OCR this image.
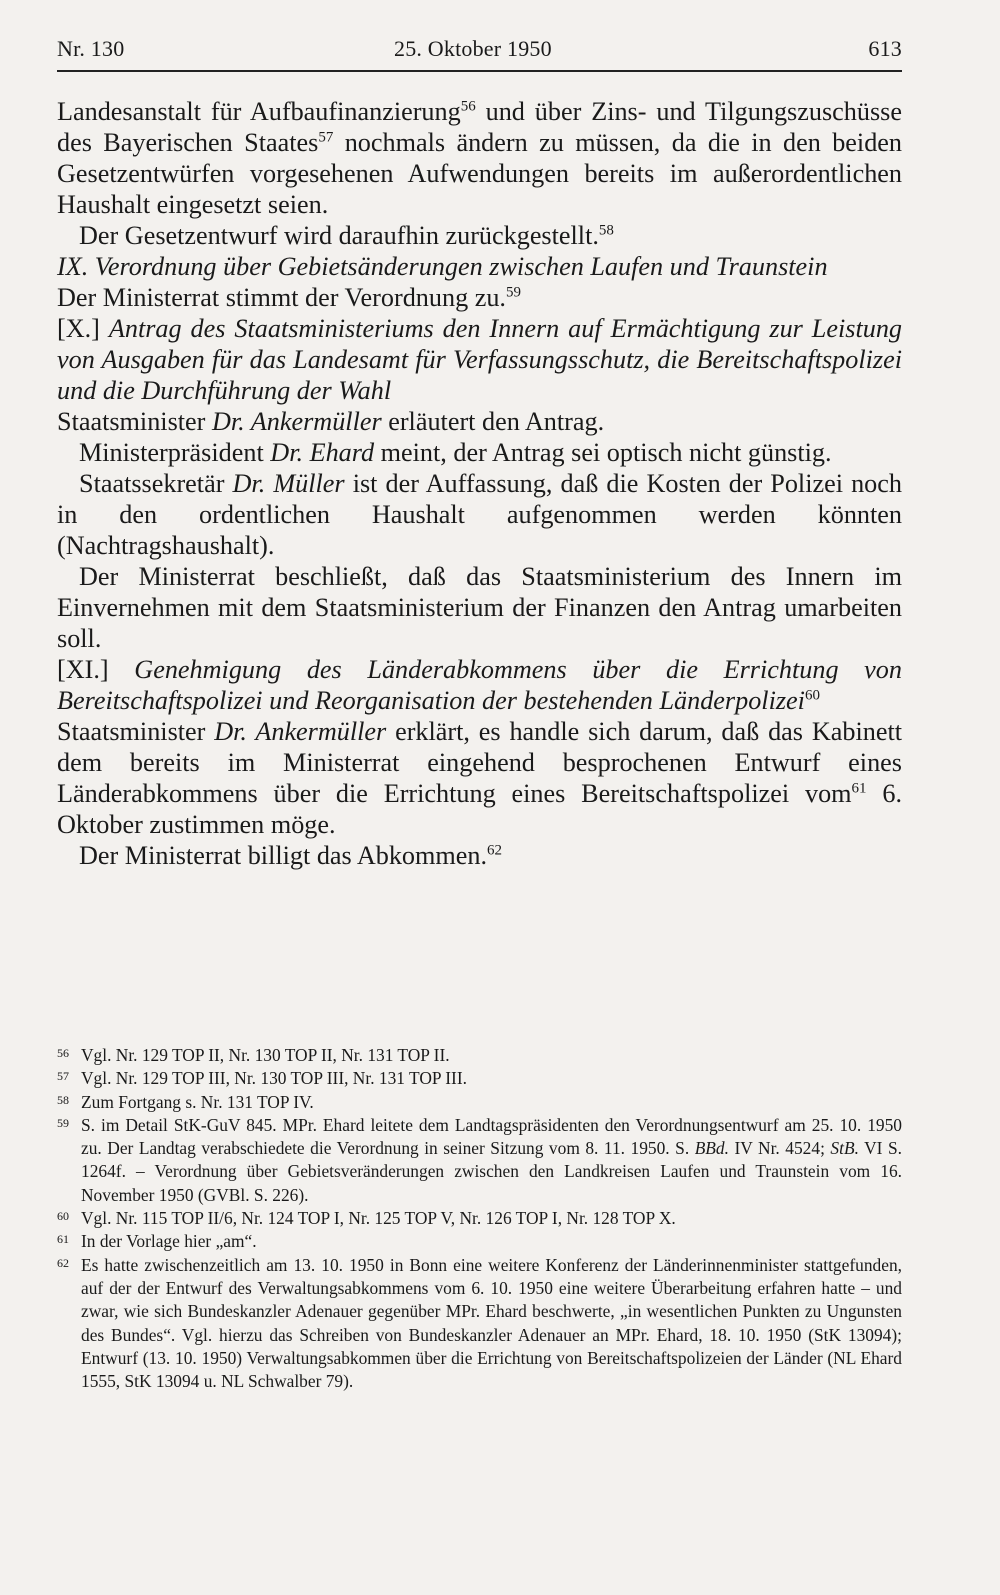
Nr. 130	25. Oktober 1950	613

Landesanstalt für Aufbaufinanzierung$^{56}$ und über Zins- und Tilgungszuschüsse des Bayerischen Staates$^{57}$ nochmals ändern zu müssen, da die in den beiden Gesetzentwürfen vorgesehenen Aufwendungen bereits im außerordentlichen Haushalt eingesetzt seien.

Der Gesetzentwurf wird daraufhin zurückgestellt.$^{58}$

IX. Verordnung über Gebietsänderungen zwischen Laufen und Traunstein

Der Ministerrat stimmt der Verordnung zu.$^{59}$

[X.] Antrag des Staatsministeriums den Innern auf Ermächtigung zur Leistung von Ausgaben für das Landesamt für Verfassungsschutz, die Bereitschaftspolizei und die Durchführung der Wahl

Staatsminister Dr. Ankermüller erläutert den Antrag.

Ministerpräsident Dr. Ehard meint, der Antrag sei optisch nicht günstig.

Staatssekretär Dr. Müller ist der Auffassung, daß die Kosten der Polizei noch in den ordentlichen Haushalt aufgenommen werden könnten (Nachtragshaushalt).

Der Ministerrat beschließt, daß das Staatsministerium des Innern im Einvernehmen mit dem Staatsministerium der Finanzen den Antrag umarbeiten soll.

[XI.] Genehmigung des Länderabkommens über die Errichtung von Bereitschaftspolizei und Reorganisation der bestehenden Länderpolizei$^{60}$

Staatsminister Dr. Ankermüller erklärt, es handle sich darum, daß das Kabinett dem bereits im Ministerrat eingehend besprochenen Entwurf eines Länderabkommens über die Errichtung eines Bereitschaftspolizei vom$^{61}$ 6. Oktober zustimmen möge.

Der Ministerrat billigt das Abkommen.$^{62}$

56 Vgl. Nr. 129 TOP II, Nr. 130 TOP II, Nr. 131 TOP II.
57 Vgl. Nr. 129 TOP III, Nr. 130 TOP III, Nr. 131 TOP III.
58 Zum Fortgang s. Nr. 131 TOP IV.
59 S. im Detail StK-GuV 845. MPr. Ehard leitete dem Landtagspräsidenten den Verordnungsentwurf am 25. 10. 1950 zu. Der Landtag verabschiedete die Verordnung in seiner Sitzung vom 8. 11. 1950. S. BBd. IV Nr. 4524; StB. VI S. 1264f. – Verordnung über Gebietsveränderungen zwischen den Landkreisen Laufen und Traunstein vom 16. November 1950 (GVBl. S. 226).
60 Vgl. Nr. 115 TOP II/6, Nr. 124 TOP I, Nr. 125 TOP V, Nr. 126 TOP I, Nr. 128 TOP X.
61 In der Vorlage hier „am“.
62 Es hatte zwischenzeitlich am 13. 10. 1950 in Bonn eine weitere Konferenz der Länderinnenminister stattgefunden, auf der der Entwurf des Verwaltungsabkommens vom 6. 10. 1950 eine weitere Überarbeitung erfahren hatte – und zwar, wie sich Bundeskanzler Adenauer gegenüber MPr. Ehard beschwerte, „in wesentlichen Punkten zu Ungunsten des Bundes“. Vgl. hierzu das Schreiben von Bundeskanzler Adenauer an MPr. Ehard, 18. 10. 1950 (StK 13094); Entwurf (13. 10. 1950) Verwaltungsabkommen über die Errichtung von Bereitschaftspolizeien der Länder (NL Ehard 1555, StK 13094 u. NL Schwalber 79).
